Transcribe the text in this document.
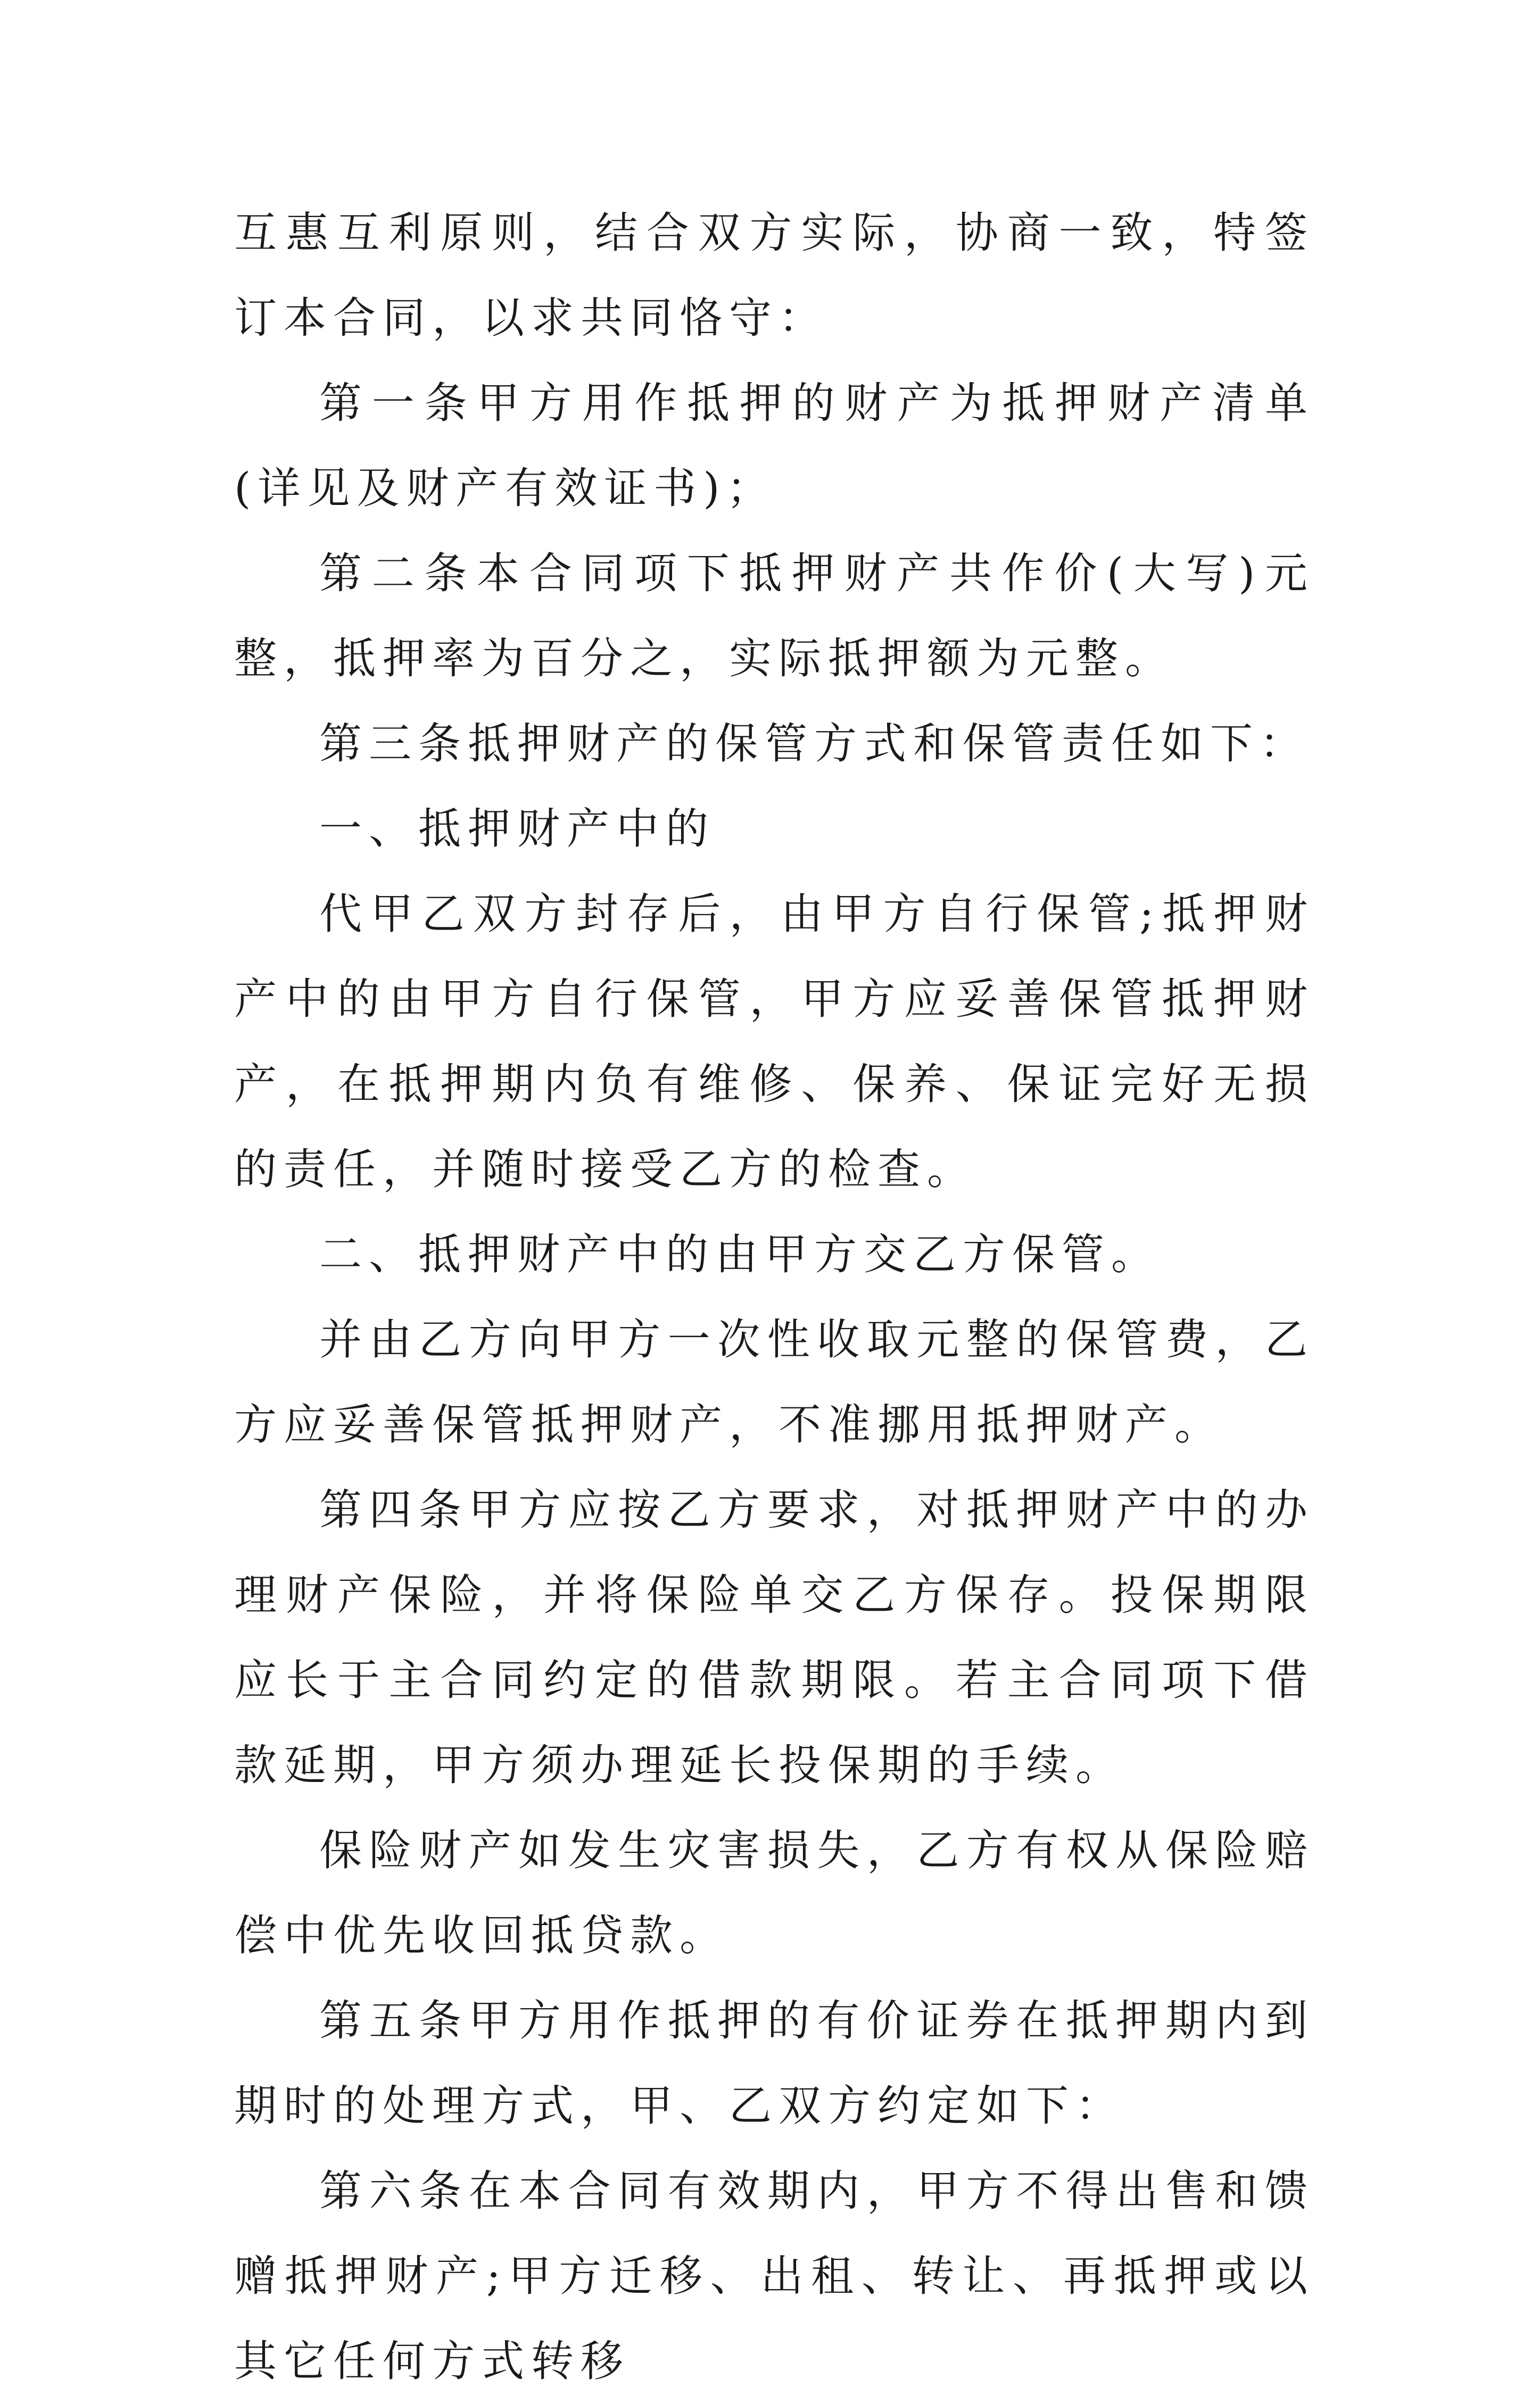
互惠互利原则，结合双方实际，协商一致，特签订本合同，以求共同恪守：

第一条甲方用作抵押的财产为抵押财产清单(详见及财产有效证书)；

第二条本合同项下抵押财产共作价(大写)元整，抵押率为百分之，实际抵押额为元整。

第三条抵押财产的保管方式和保管责任如下：

一、抵押财产中的

代甲乙双方封存后，由甲方自行保管;抵押财产中的由甲方自行保管，甲方应妥善保管抵押财产，在抵押期内负有维修、保养、保证完好无损的责任，并随时接受乙方的检查。

二、抵押财产中的由甲方交乙方保管。

并由乙方向甲方一次性收取元整的保管费，乙方应妥善保管抵押财产，不准挪用抵押财产。

第四条甲方应按乙方要求，对抵押财产中的办理财产保险，并将保险单交乙方保存。投保期限应长于主合同约定的借款期限。若主合同项下借款延期，甲方须办理延长投保期的手续。

保险财产如发生灾害损失，乙方有权从保险赔偿中优先收回抵贷款。

第五条甲方用作抵押的有价证券在抵押期内到期时的处理方式，甲、乙双方约定如下：

第六条在本合同有效期内，甲方不得出售和馈赠抵押财产;甲方迁移、出租、转让、再抵押或以其它任何方式转移
